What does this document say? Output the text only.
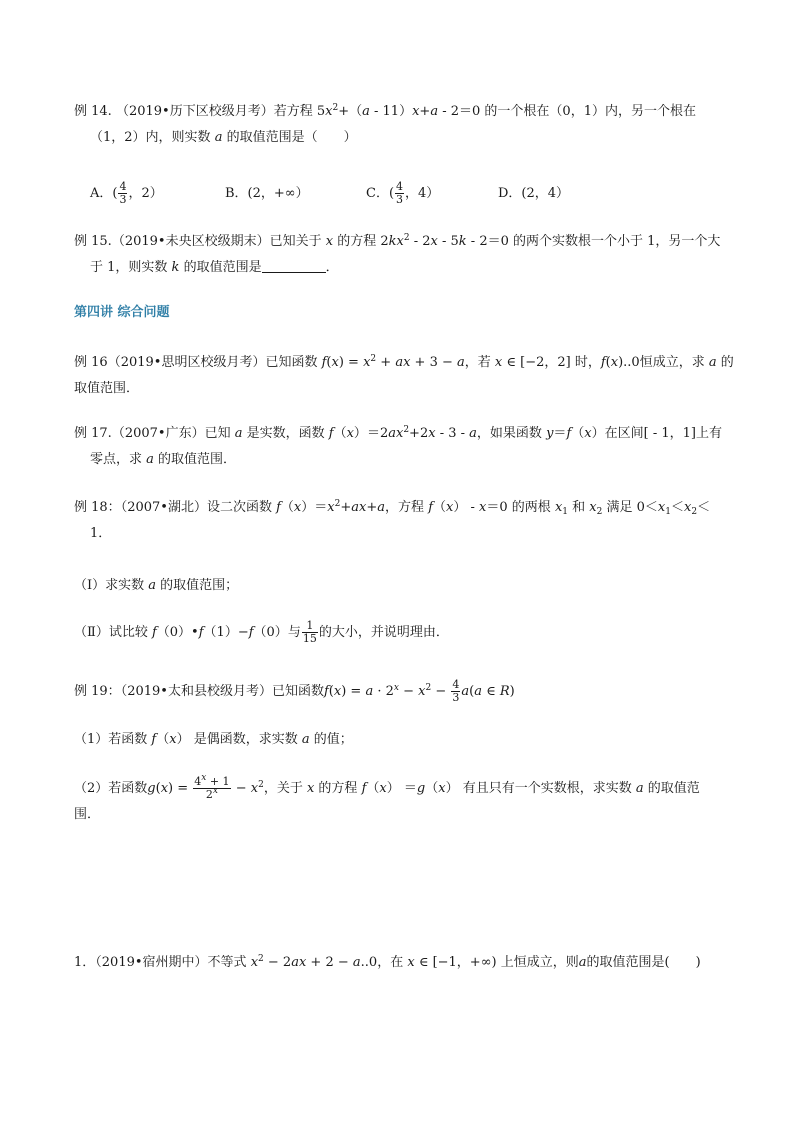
例 14. （2019•历下区校级月考）若方程 $5x^2+(a - 11)x+a - 2=0$ 的一个根在（0，1）内，另一个根在
（1，2）内，则实数 a 的取值范围是（　　）
A．( $\frac{4}{3}$ ，2）	B．(2，+∞）	C．( $\frac{4}{3}$ ，4）	D．(2，4）
例 15.（2019•未央区校级期末）已知关于 x 的方程 $2kx^2 - 2x - 5k - 2=0$ 的两个实数根一个小于 1，另一个大
于 1，则实数 k 的取值范围是	．
第四讲 综合问题
例 16（2019•思明区校级月考）已知函数 $f(x) = x^2$ + ax + 3 − a，若 x ∈ [−2，2] 时，f(x)..0恒成立，求 a 的
取值范围．
例 17.（2007•广东）已知 a 是实数，函数 $f(x)=2ax^2+2x - 3 - a$，如果函数 y＝f（x）在区间[ - 1，1]上有
零点，求 a 的取值范围．
例 18：（2007•湖北）设二次函数 $f(x)=x^2+ax+a$，方程 f（x） - x＝0 的两根 $x_1$ 和 $x_2$ 满足 $0<x_1<x_2<$
1．
（Ⅰ）求实数 a 的取值范围；
（Ⅱ）试比较 f（0）•f（1）−f（0）与 $\frac{1}{15}$ 的大小，并说明理由．
例 19：（2019•太和县校级月考）已知函数$f(x) = a \cdot 2^x - x^2 - \frac{4}{3} a(a$ ∈ R)
（1）若函数 f（x） 是偶函数，求实数 a 的值；
（2）若函数$g(x) = \frac{4^x + 1}{2^x} - x^2$，关于 x 的方程 f（x） ＝g（x） 有且只有一个实数根，求实数 a 的取值范
围．
1．（2019•宿州期中）不等式 $x^2 - 2ax + 2 - a..0$，在 x ∈ [−1，+∞) 上恒成立，则a的取值范围是(　　)
